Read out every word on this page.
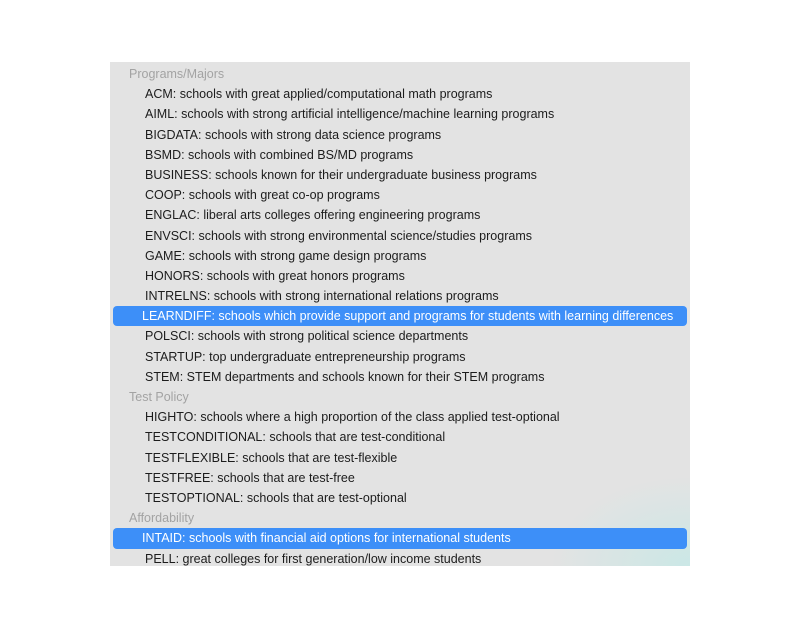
Programs/Majors
ACM: schools with great applied/computational math programs
AIML: schools with strong artificial intelligence/machine learning programs
BIGDATA: schools with strong data science programs
BSMD: schools with combined BS/MD programs
BUSINESS: schools known for their undergraduate business programs
COOP: schools with great co-op programs
ENGLAC: liberal arts colleges offering engineering programs
ENVSCI: schools with strong environmental science/studies programs
GAME: schools with strong game design programs
HONORS: schools with great honors programs
INTRELNS: schools with strong international relations programs
LEARNDIFF: schools which provide support and programs for students with learning differences
POLSCI: schools with strong political science departments
STARTUP: top undergraduate entrepreneurship programs
STEM: STEM departments and schools known for their STEM programs
Test Policy
HIGHTO: schools where a high proportion of the class applied test-optional
TESTCONDITIONAL: schools that are test-conditional
TESTFLEXIBLE: schools that are test-flexible
TESTFREE: schools that are test-free
TESTOPTIONAL: schools that are test-optional
Affordability
INTAID: schools with financial aid options for international students
PELL: great colleges for first generation/low income students
